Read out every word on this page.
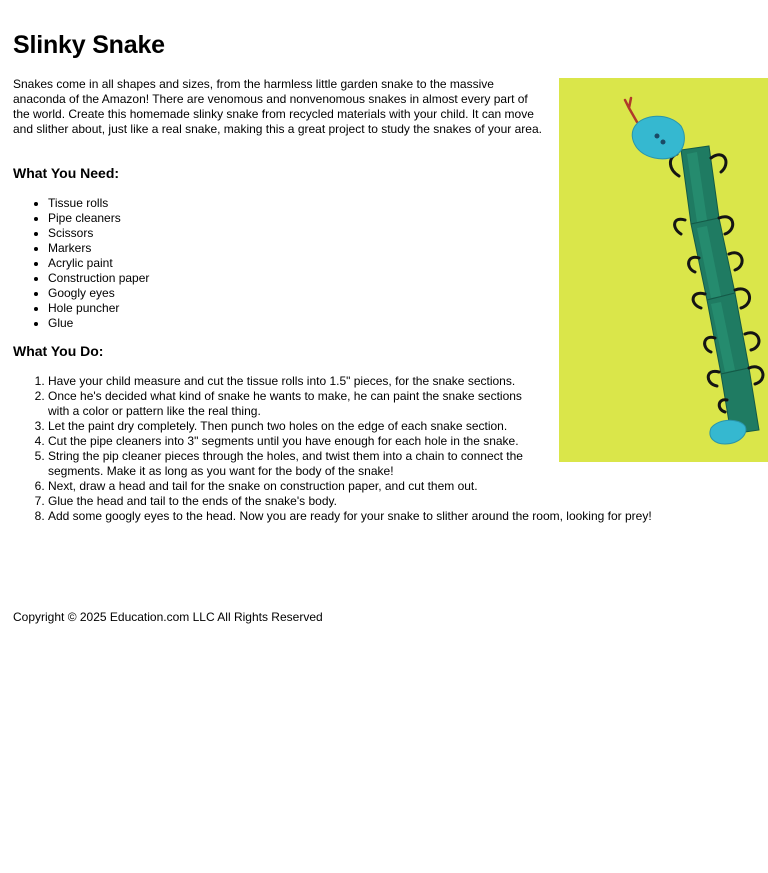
Slinky Snake

Snakes come in all shapes and sizes, from the harmless little garden snake to the massive anaconda of the Amazon! There are venomous and nonvenomous snakes in almost every part of the world. Create this homemade slinky snake from recycled materials with your child. It can move and slither about, just like a real snake, making this a great project to study the snakes of your area.

What You Need:
• Tissue rolls
• Pipe cleaners
• Scissors
• Markers
• Acrylic paint
• Construction paper
• Googly eyes
• Hole puncher
• Glue
What You Do:
1. Have your child measure and cut the tissue rolls into 1.5" pieces, for the snake sections.
2. Once he's decided what kind of snake he wants to make, he can paint the snake sections with a color or pattern like the real thing.
3. Let the paint dry completely. Then punch two holes on the edge of each snake section.
4. Cut the pipe cleaners into 3" segments until you have enough for each hole in the snake.
5. String the pip cleaner pieces through the holes, and twist them into a chain to connect the segments. Make it as long as you want for the body of the snake!
6. Next, draw a head and tail for the snake on construction paper, and cut them out.
7. Glue the head and tail to the ends of the snake's body.
8. Add some googly eyes to the head. Now you are ready for your snake to slither around the room, looking for prey!

Copyright © 2025 Education.com LLC All Rights Reserved
